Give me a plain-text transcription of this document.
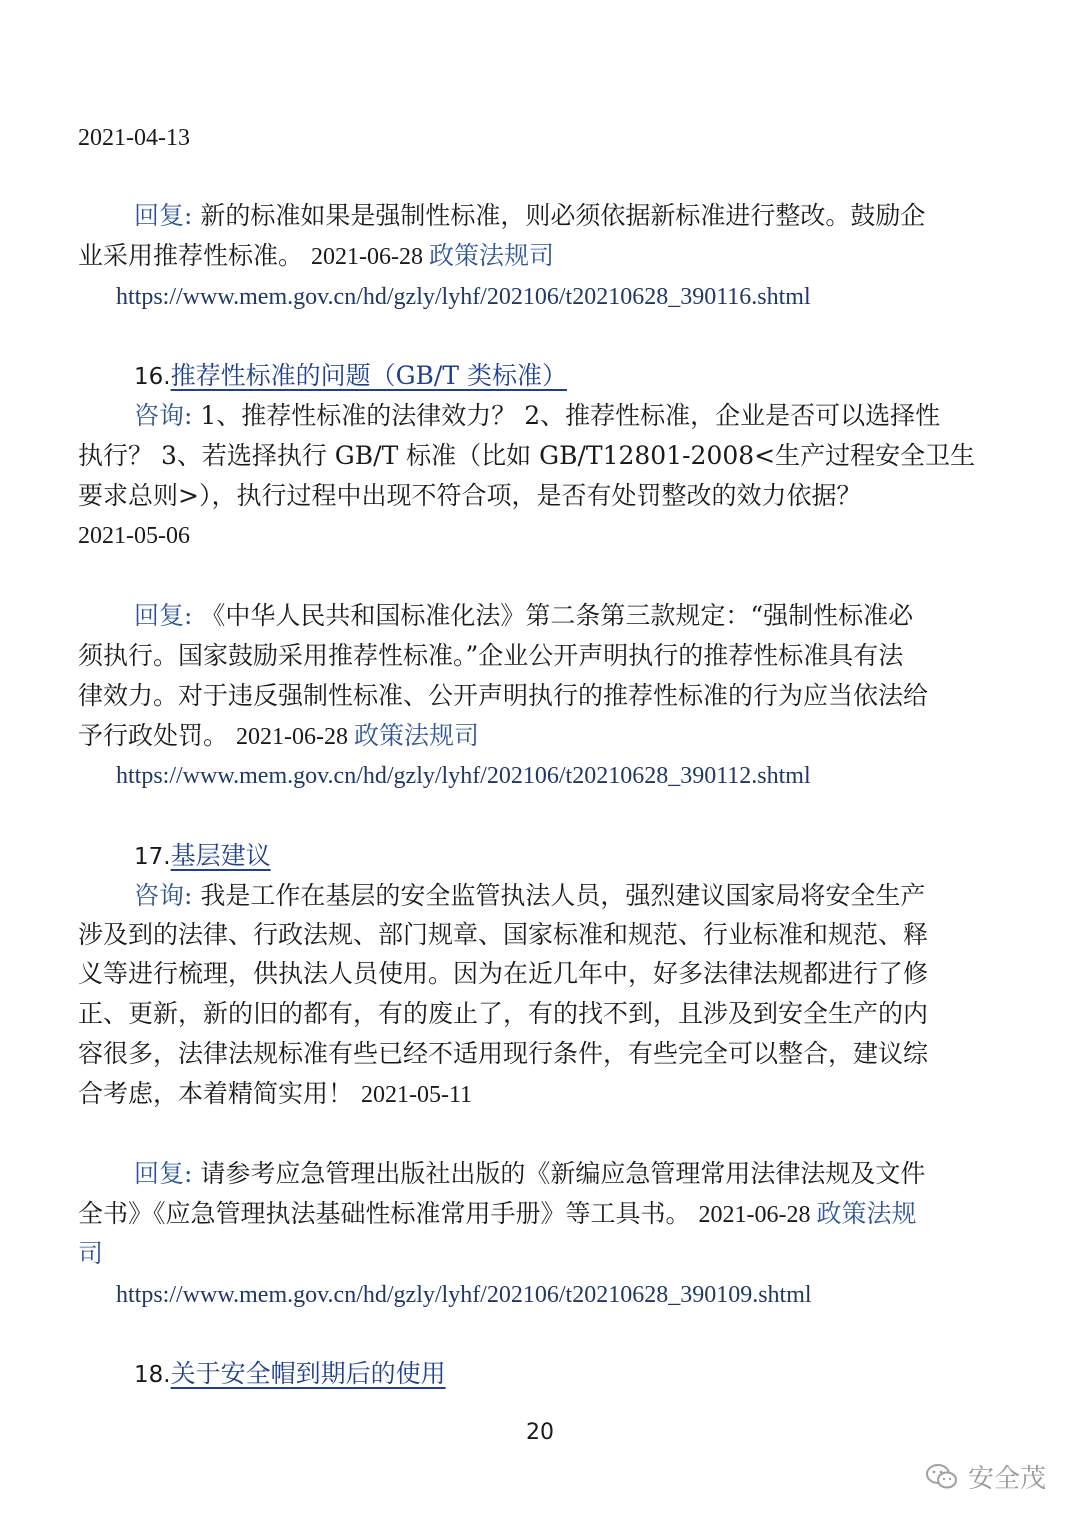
2021-04-13
回复: 新的标准如果是强制性标准，则必须依据新标准进行整改。鼓励企
业采用推荐性标准。 2021-06-28 政策法规司
https://www.mem.gov.cn/hd/gzly/lyhf/202106/t20210628_390116.shtml
16.推荐性标准的问题（GB/T 类标准）
咨询: 1、推荐性标准的法律效力？ 2、推荐性标准，企业是否可以选择性
执行？ 3、若选择执行 GB/T 标准（比如 GB/T12801-2008<生产过程安全卫生
要求总则>），执行过程中出现不符合项，是否有处罚整改的效力依据？
2021-05-06
回复: 《中华人民共和国标准化法》第二条第三款规定：“强制性标准必
须执行。国家鼓励采用推荐性标准。”企业公开声明执行的推荐性标准具有法
律效力。对于违反强制性标准、公开声明执行的推荐性标准的行为应当依法给
予行政处罚。 2021-06-28 政策法规司
https://www.mem.gov.cn/hd/gzly/lyhf/202106/t20210628_390112.shtml
17.基层建议
咨询: 我是工作在基层的安全监管执法人员，强烈建议国家局将安全生产
涉及到的法律、行政法规、部门规章、国家标准和规范、行业标准和规范、释
义等进行梳理，供执法人员使用。因为在近几年中，好多法律法规都进行了修
正、更新，新的旧的都有，有的废止了，有的找不到，且涉及到安全生产的内
容很多，法律法规标准有些已经不适用现行条件，有些完全可以整合，建议综
合考虑，本着精简实用！ 2021-05-11
回复: 请参考应急管理出版社出版的《新编应急管理常用法律法规及文件
全书》《应急管理执法基础性标准常用手册》等工具书。 2021-06-28 政策法规
司
https://www.mem.gov.cn/hd/gzly/lyhf/202106/t20210628_390109.shtml
18.关于安全帽到期后的使用
20
安全茂
